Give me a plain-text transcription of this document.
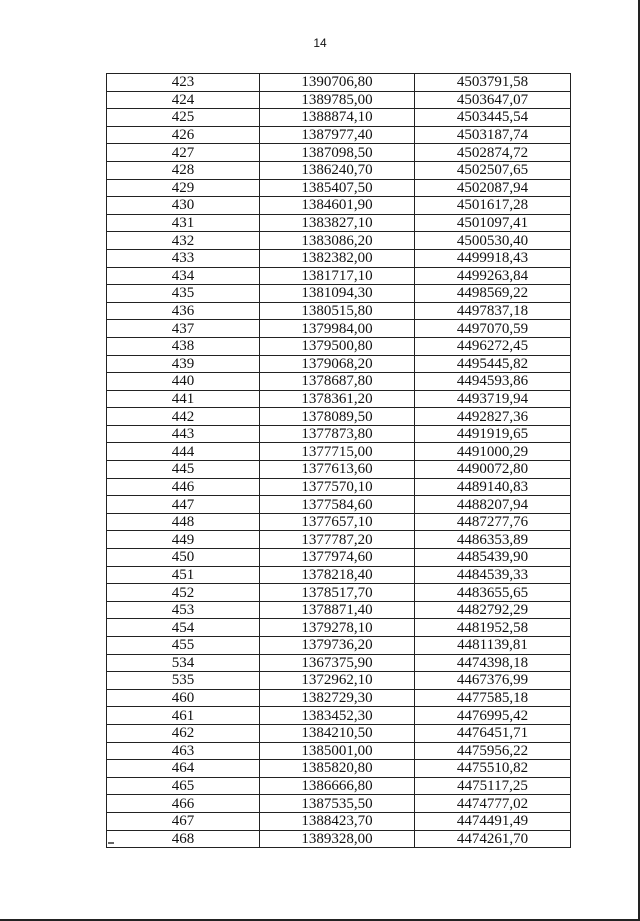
14
423	1390706,80	4503791,58
424	1389785,00	4503647,07
425	1388874,10	4503445,54
426	1387977,40	4503187,74
427	1387098,50	4502874,72
428	1386240,70	4502507,65
429	1385407,50	4502087,94
430	1384601,90	4501617,28
431	1383827,10	4501097,41
432	1383086,20	4500530,40
433	1382382,00	4499918,43
434	1381717,10	4499263,84
435	1381094,30	4498569,22
436	1380515,80	4497837,18
437	1379984,00	4497070,59
438	1379500,80	4496272,45
439	1379068,20	4495445,82
440	1378687,80	4494593,86
441	1378361,20	4493719,94
442	1378089,50	4492827,36
443	1377873,80	4491919,65
444	1377715,00	4491000,29
445	1377613,60	4490072,80
446	1377570,10	4489140,83
447	1377584,60	4488207,94
448	1377657,10	4487277,76
449	1377787,20	4486353,89
450	1377974,60	4485439,90
451	1378218,40	4484539,33
452	1378517,70	4483655,65
453	1378871,40	4482792,29
454	1379278,10	4481952,58
455	1379736,20	4481139,81
534	1367375,90	4474398,18
535	1372962,10	4467376,99
460	1382729,30	4477585,18
461	1383452,30	4476995,42
462	1384210,50	4476451,71
463	1385001,00	4475956,22
464	1385820,80	4475510,82
465	1386666,80	4475117,25
466	1387535,50	4474777,02
467	1388423,70	4474491,49
468	1389328,00	4474261,70
